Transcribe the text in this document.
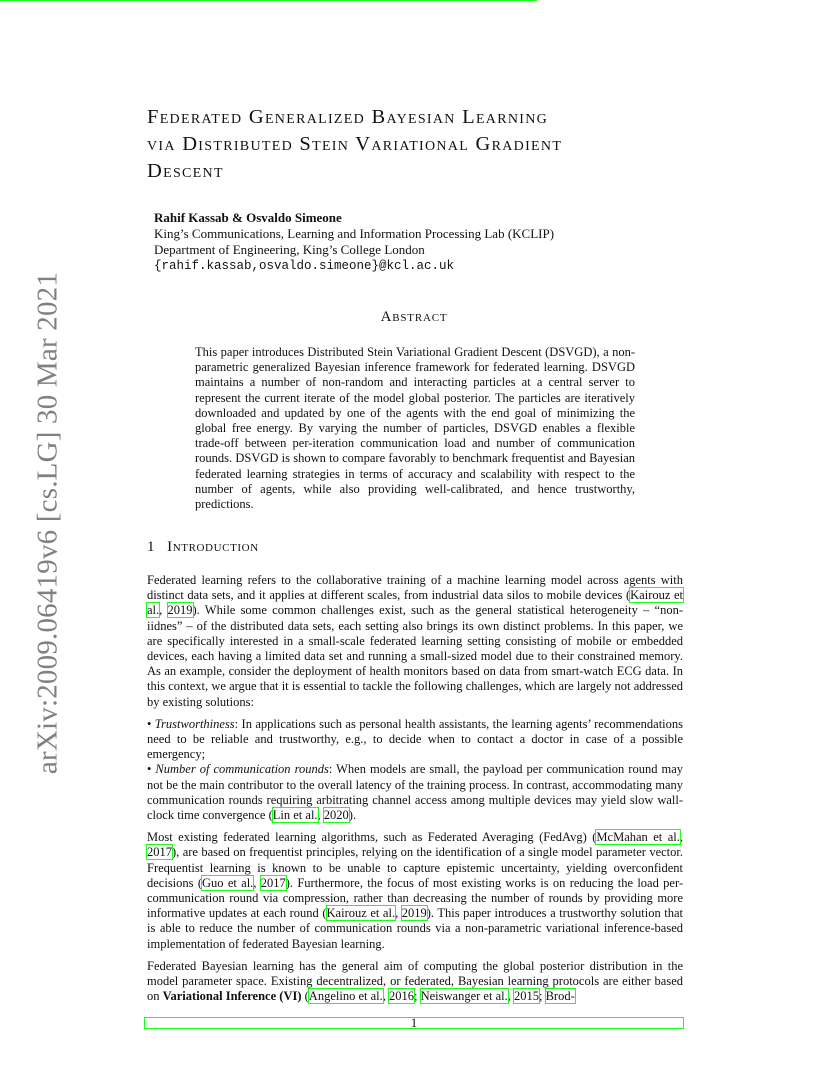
arXiv:2009.06419v6 [cs.LG] 30 Mar 2021
Federated Generalized Bayesian Learning
via Distributed Stein Variational Gradient
Descent
Rahif Kassab & Osvaldo Simeone
King’s Communications, Learning and Information Processing Lab (KCLIP)
Department of Engineering, King’s College London
{rahif.kassab,osvaldo.simeone}@kcl.ac.uk
Abstract
This paper introduces Distributed Stein Variational Gradient Descent (DSVGD), a non-parametric generalized Bayesian inference framework for federated learning. DSVGD maintains a number of non-random and interacting particles at a central server to represent the current iterate of the model global posterior. The particles are iteratively downloaded and updated by one of the agents with the end goal of minimizing the global free energy. By varying the number of particles, DSVGD enables a flexible trade-off between per-iteration communication load and number of communication rounds. DSVGD is shown to compare favorably to benchmark frequentist and Bayesian federated learning strategies in terms of accuracy and scalability with respect to the number of agents, while also providing well-calibrated, and hence trustworthy, predictions.
1 Introduction

Federated learning refers to the collaborative training of a machine learning model across agents with distinct data sets, and it applies at different scales, from industrial data silos to mobile devices (Kairouz et al., 2019). While some common challenges exist, such as the general statistical heterogeneity – “non-iidnes” – of the distributed data sets, each setting also brings its own distinct problems. In this paper, we are specifically interested in a small-scale federated learning setting consisting of mobile or embedded devices, each having a limited data set and running a small-sized model due to their constrained memory. As an example, consider the deployment of health monitors based on data from smart-watch ECG data. In this context, we argue that it is essential to tackle the following challenges, which are largely not addressed by existing solutions:

• Trustworthiness: In applications such as personal health assistants, the learning agents’ recommendations need to be reliable and trustworthy, e.g., to decide when to contact a doctor in case of a possible emergency;

• Number of communication rounds: When models are small, the payload per communication round may not be the main contributor to the overall latency of the training process. In contrast, accommodating many communication rounds requiring arbitrating channel access among multiple devices may yield slow wall-clock time convergence (Lin et al., 2020).

Most existing federated learning algorithms, such as Federated Averaging (FedAvg) (McMahan et al., 2017), are based on frequentist principles, relying on the identification of a single model parameter vector. Frequentist learning is known to be unable to capture epistemic uncertainty, yielding overconfident decisions (Guo et al., 2017). Furthermore, the focus of most existing works is on reducing the load per-communication round via compression, rather than decreasing the number of rounds by providing more informative updates at each round (Kairouz et al., 2019). This paper introduces a trustworthy solution that is able to reduce the number of communication rounds via a non-parametric variational inference-based implementation of federated Bayesian learning.

Federated Bayesian learning has the general aim of computing the global posterior distribution in the model parameter space. Existing decentralized, or federated, Bayesian learning protocols are either based on Variational Inference (VI) (Angelino et al., 2016; Neiswanger et al., 2015; Brod-

1
